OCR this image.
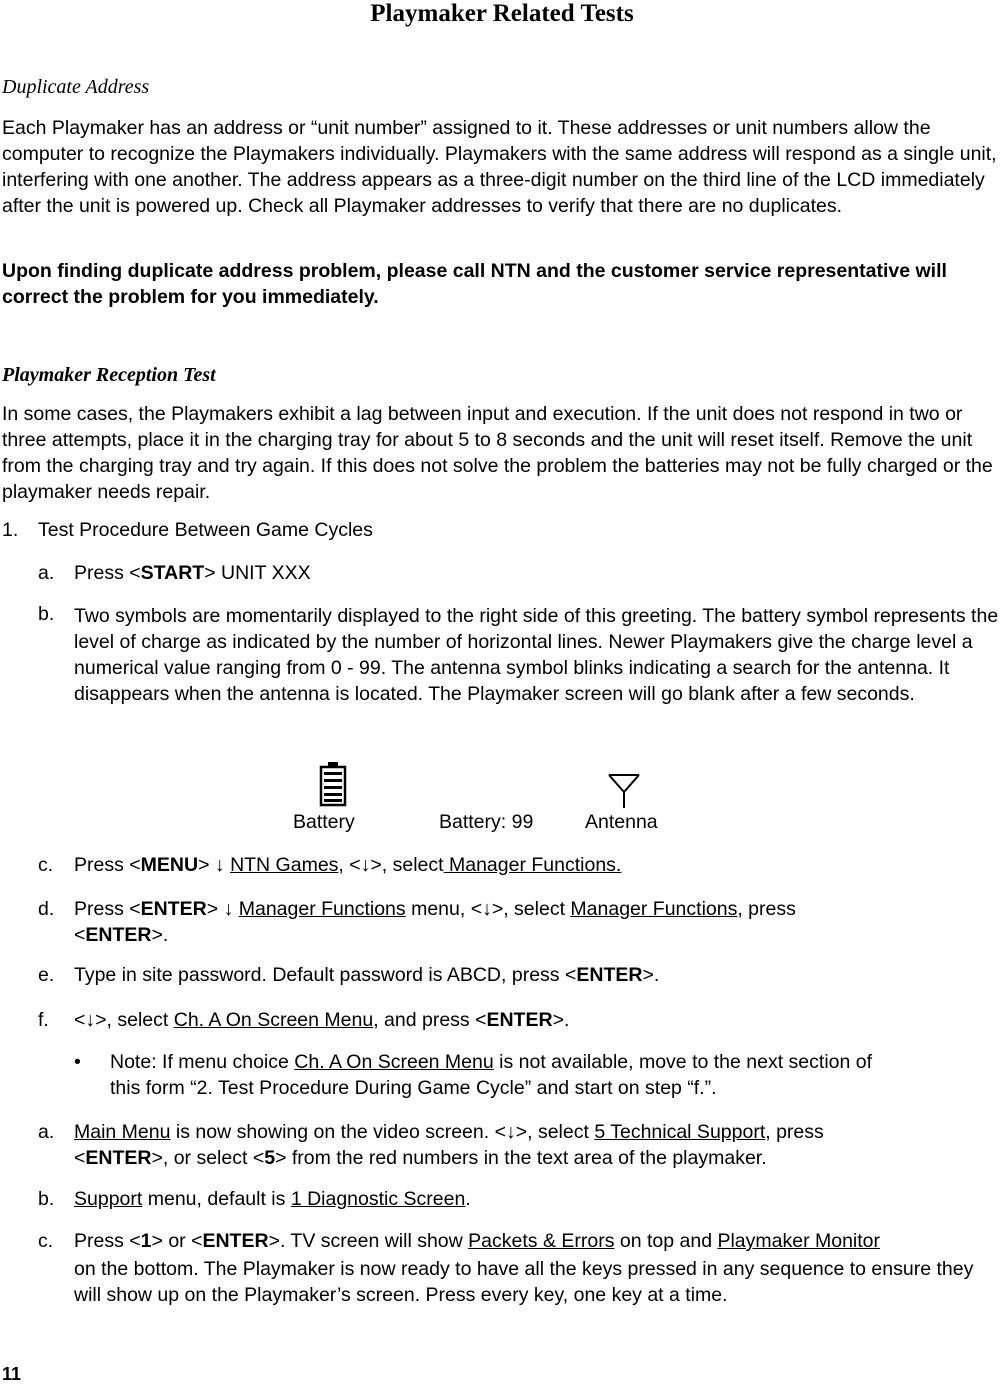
Playmaker Related Tests
Duplicate Address
Each Playmaker has an address or “unit number” assigned to it. These addresses or unit numbers allow the computer to recognize the Playmakers individually. Playmakers with the same address will respond as a single unit, interfering with one another. The address appears as a three-digit number on the third line of the LCD immediately after the unit is powered up. Check all Playmaker addresses to verify that there are no duplicates.
Upon finding duplicate address problem, please call NTN and the customer service representative will correct the problem for you immediately.
Playmaker Reception Test
In some cases, the Playmakers exhibit a lag between input and execution. If the unit does not respond in two or three attempts, place it in the charging tray for about 5 to 8 seconds and the unit will reset itself. Remove the unit from the charging tray and try again. If this does not solve the problem the batteries may not be fully charged or the playmaker needs repair.
1. Test Procedure Between Game Cycles
a. Press <START> UNIT XXX
b. Two symbols are momentarily displayed to the right side of this greeting. The battery symbol represents the level of charge as indicated by the number of horizontal lines. Newer Playmakers give the charge level a numerical value ranging from 0 - 99. The antenna symbol blinks indicating a search for the antenna. It disappears when the antenna is located. The Playmaker screen will go blank after a few seconds.
Battery	Battery: 99	Antenna
c. Press <MENU> ↓ NTN Games, <↓>, select Manager Functions.
d. Press <ENTER> ↓ Manager Functions menu, <↓>, select Manager Functions, press
<ENTER>.
e. Type in site password. Default password is ABCD, press <ENTER>.
f. <↓>, select Ch. A On Screen Menu, and press <ENTER>.
• Note: If menu choice Ch. A On Screen Menu is not available, move to the next section of
this form “2. Test Procedure During Game Cycle” and start on step “f.”.
a. Main Menu is now showing on the video screen. <↓>, select 5 Technical Support, press
<ENTER>, or select <5> from the red numbers in the text area of the playmaker.
b. Support menu, default is 1 Diagnostic Screen.
c. Press <1> or <ENTER>. TV screen will show Packets & Errors on top and Playmaker Monitor
on the bottom. The Playmaker is now ready to have all the keys pressed in any sequence to ensure they will show up on the Playmaker’s screen. Press every key, one key at a time.
11
